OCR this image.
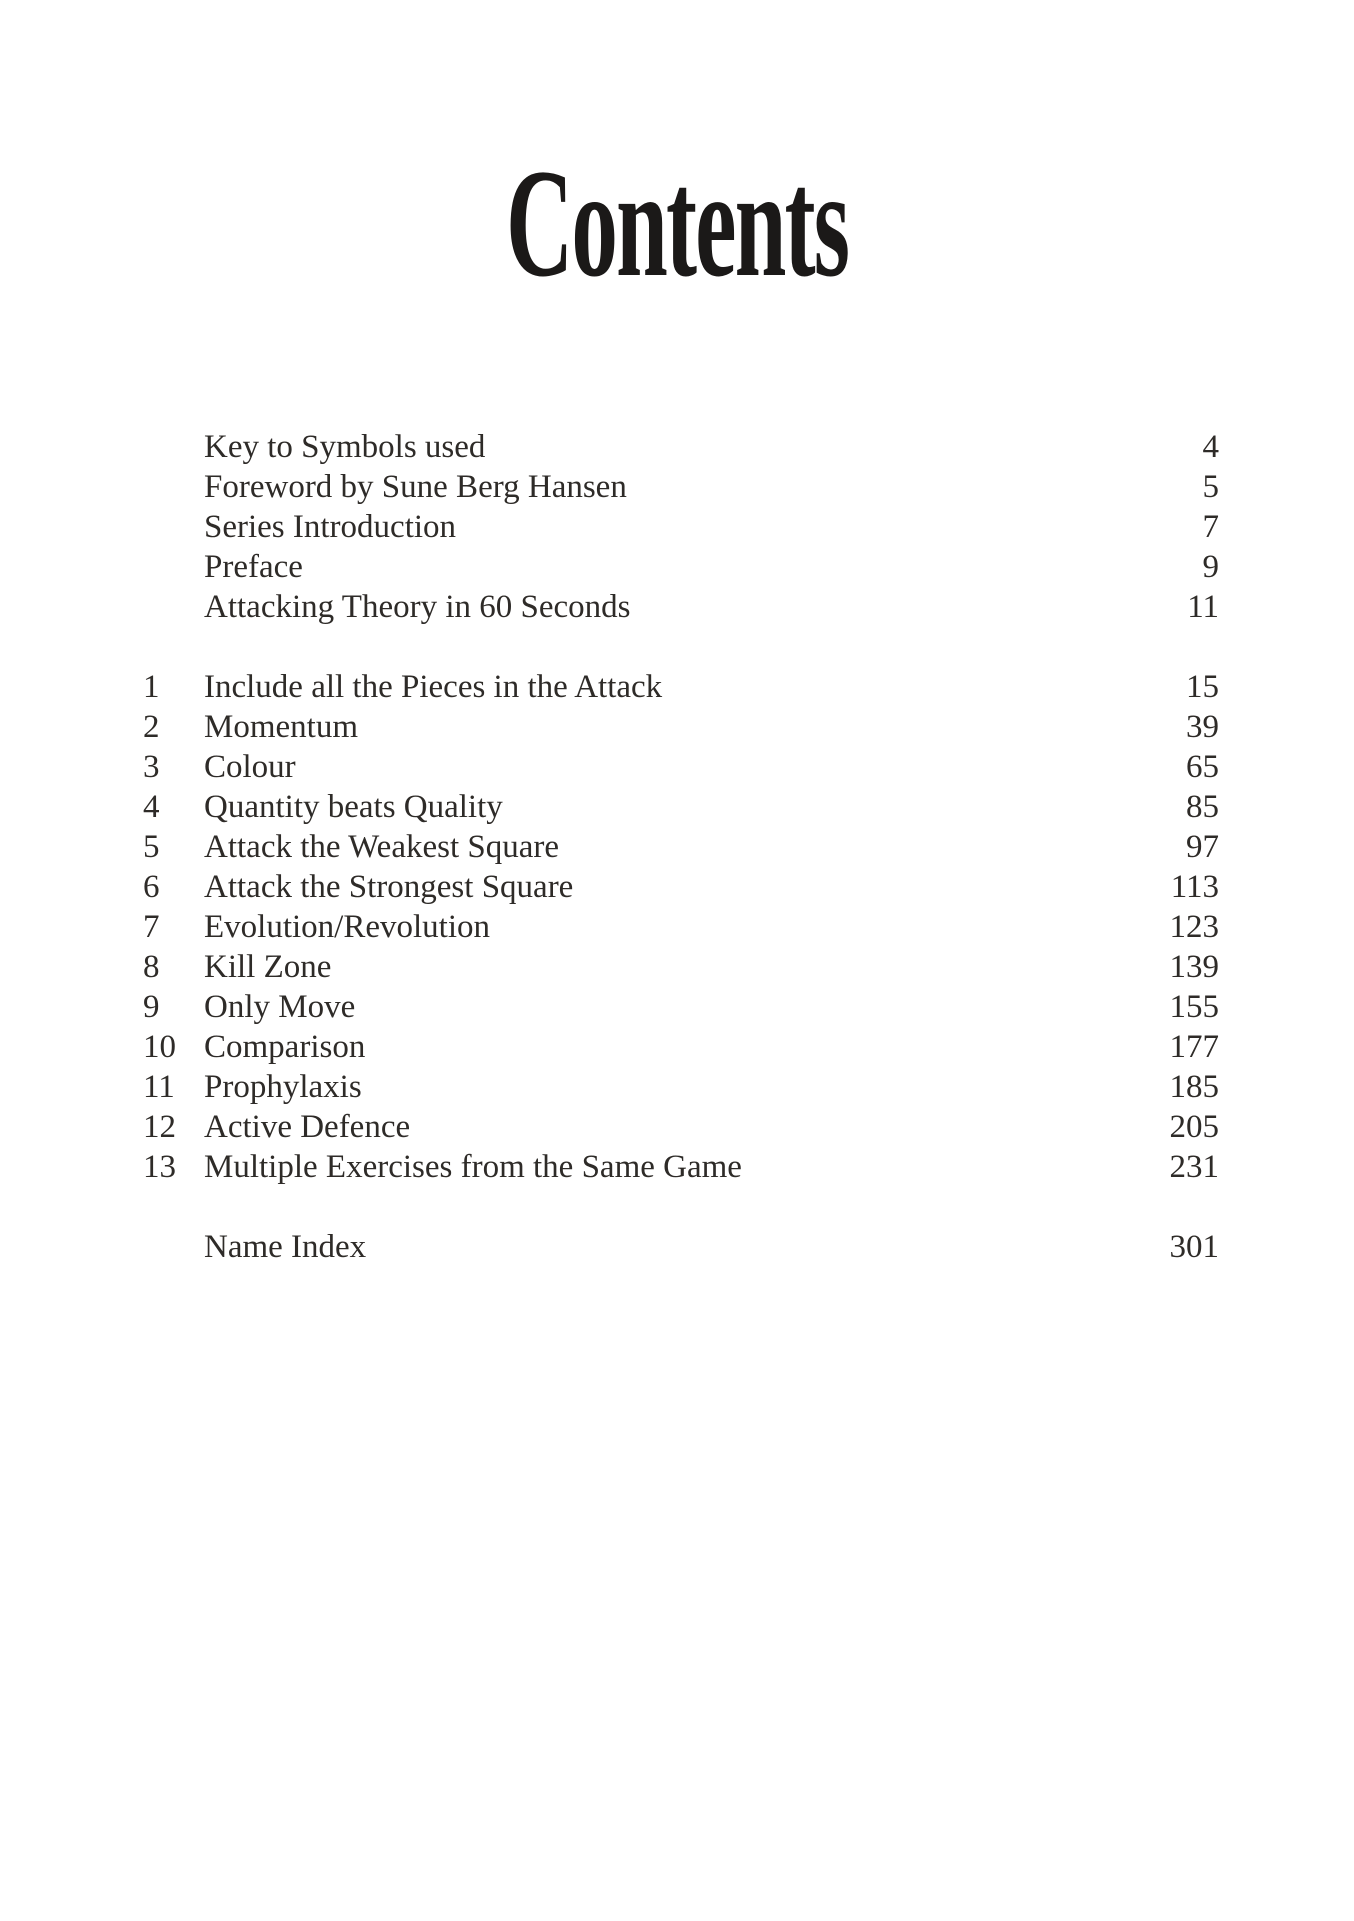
Contents
Key to Symbols used	4
Foreword by Sune Berg Hansen	5
Series Introduction	7
Preface	9
Attacking Theory in 60 Seconds	11
1	Include all the Pieces in the Attack	15
2	Momentum	39
3	Colour	65
4	Quantity beats Quality	85
5	Attack the Weakest Square	97
6	Attack the Strongest Square	113
7	Evolution/Revolution	123
8	Kill Zone	139
9	Only Move	155
10 Comparison	177
11 Prophylaxis	185
12 Active Defence	205
13 Multiple Exercises from the Same Game	231
Name Index	301
